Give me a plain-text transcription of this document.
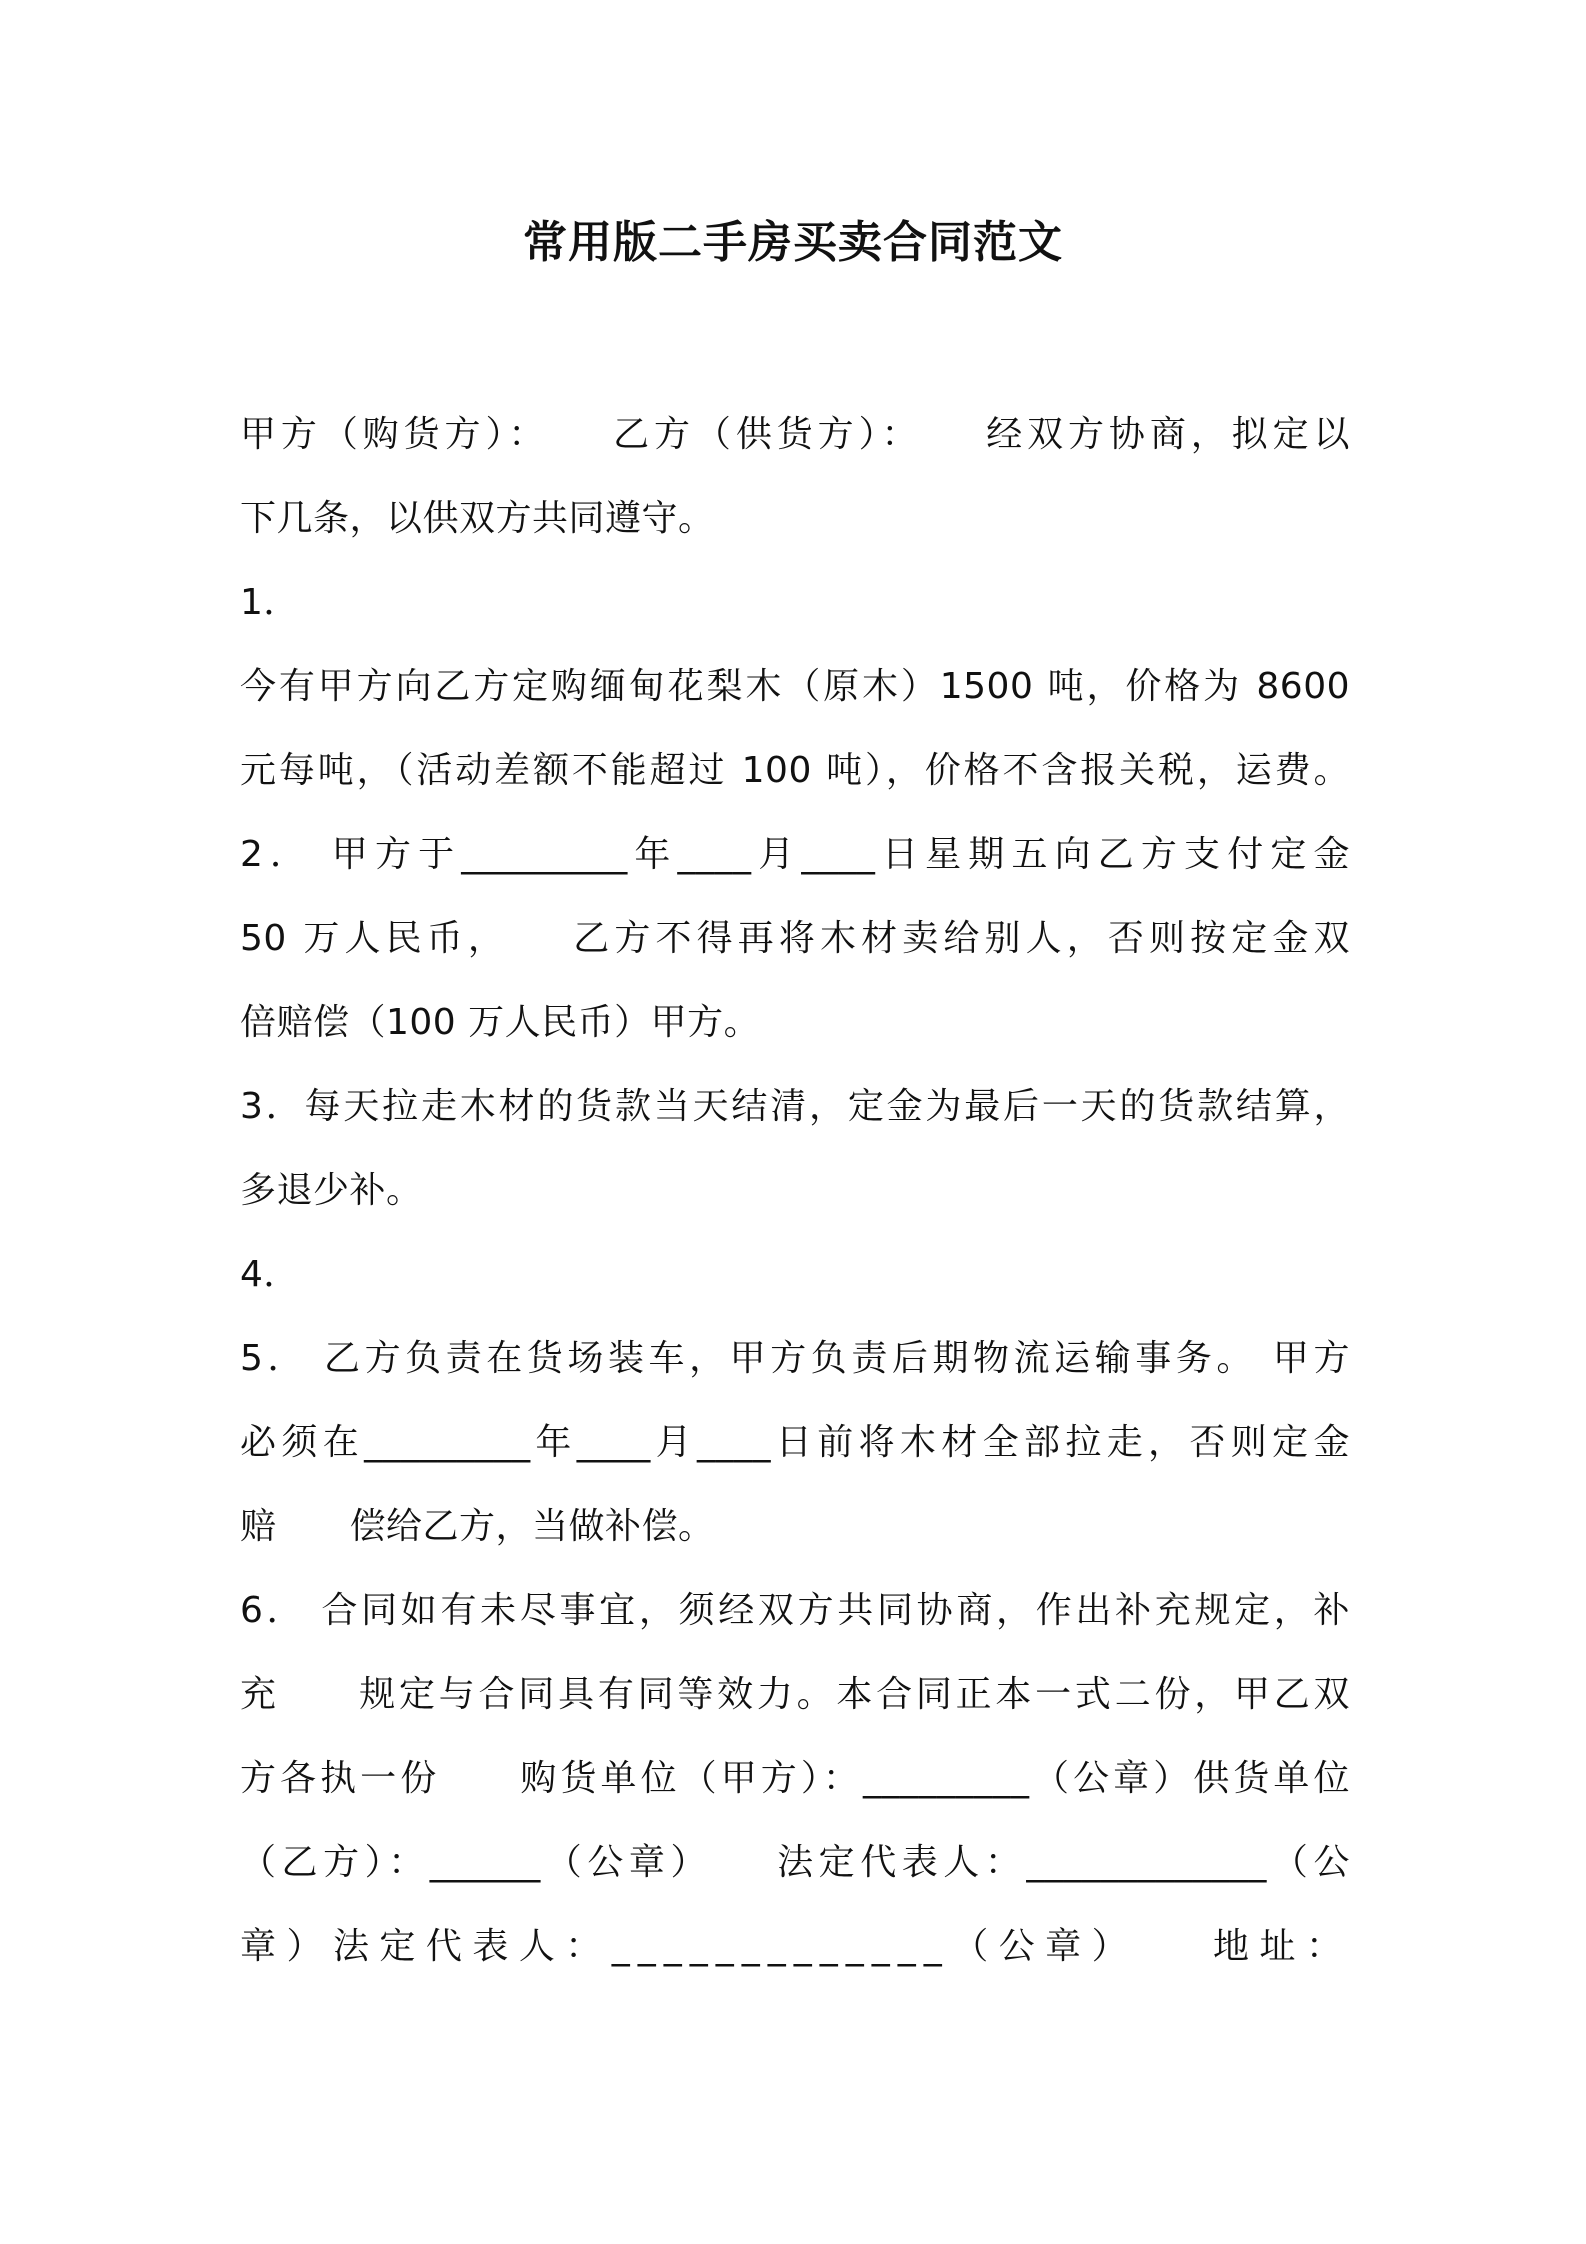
常用版二手房买卖合同范文
甲方（购货方）：　　乙方（供货方）：　　经双方协商，拟定以
下几条，以供双方共同遵守。
1．
今有甲方向乙方定购缅甸花梨木（原木）1500 吨，价格为 8600
元每吨，（活动差额不能超过 100 吨），价格不含报关税，运费。
2． 甲方于_________年____月____日星期五向乙方支付定金
50 万人民币，　　乙方不得再将木材卖给别人，否则按定金双
倍赔偿（100 万人民币）甲方。
3．每天拉走木材的货款当天结清，定金为最后一天的货款结算，
多退少补。
4．
5． 乙方负责在货场装车，甲方负责后期物流运输事务。 甲方
必须在_________年____月____日前将木材全部拉走，否则定金
赔　　偿给乙方，当做补偿。
6． 合同如有未尽事宜，须经双方共同协商，作出补充规定，补
充　　规定与合同具有同等效力。本合同正本一式二份，甲乙双
方各执一份　　购货单位（甲方）：_________（公章）供货单位
（乙方）：______（公章）　　法定代表人：_____________（公
章）法定代表人：_____________（公章）　　地址：
